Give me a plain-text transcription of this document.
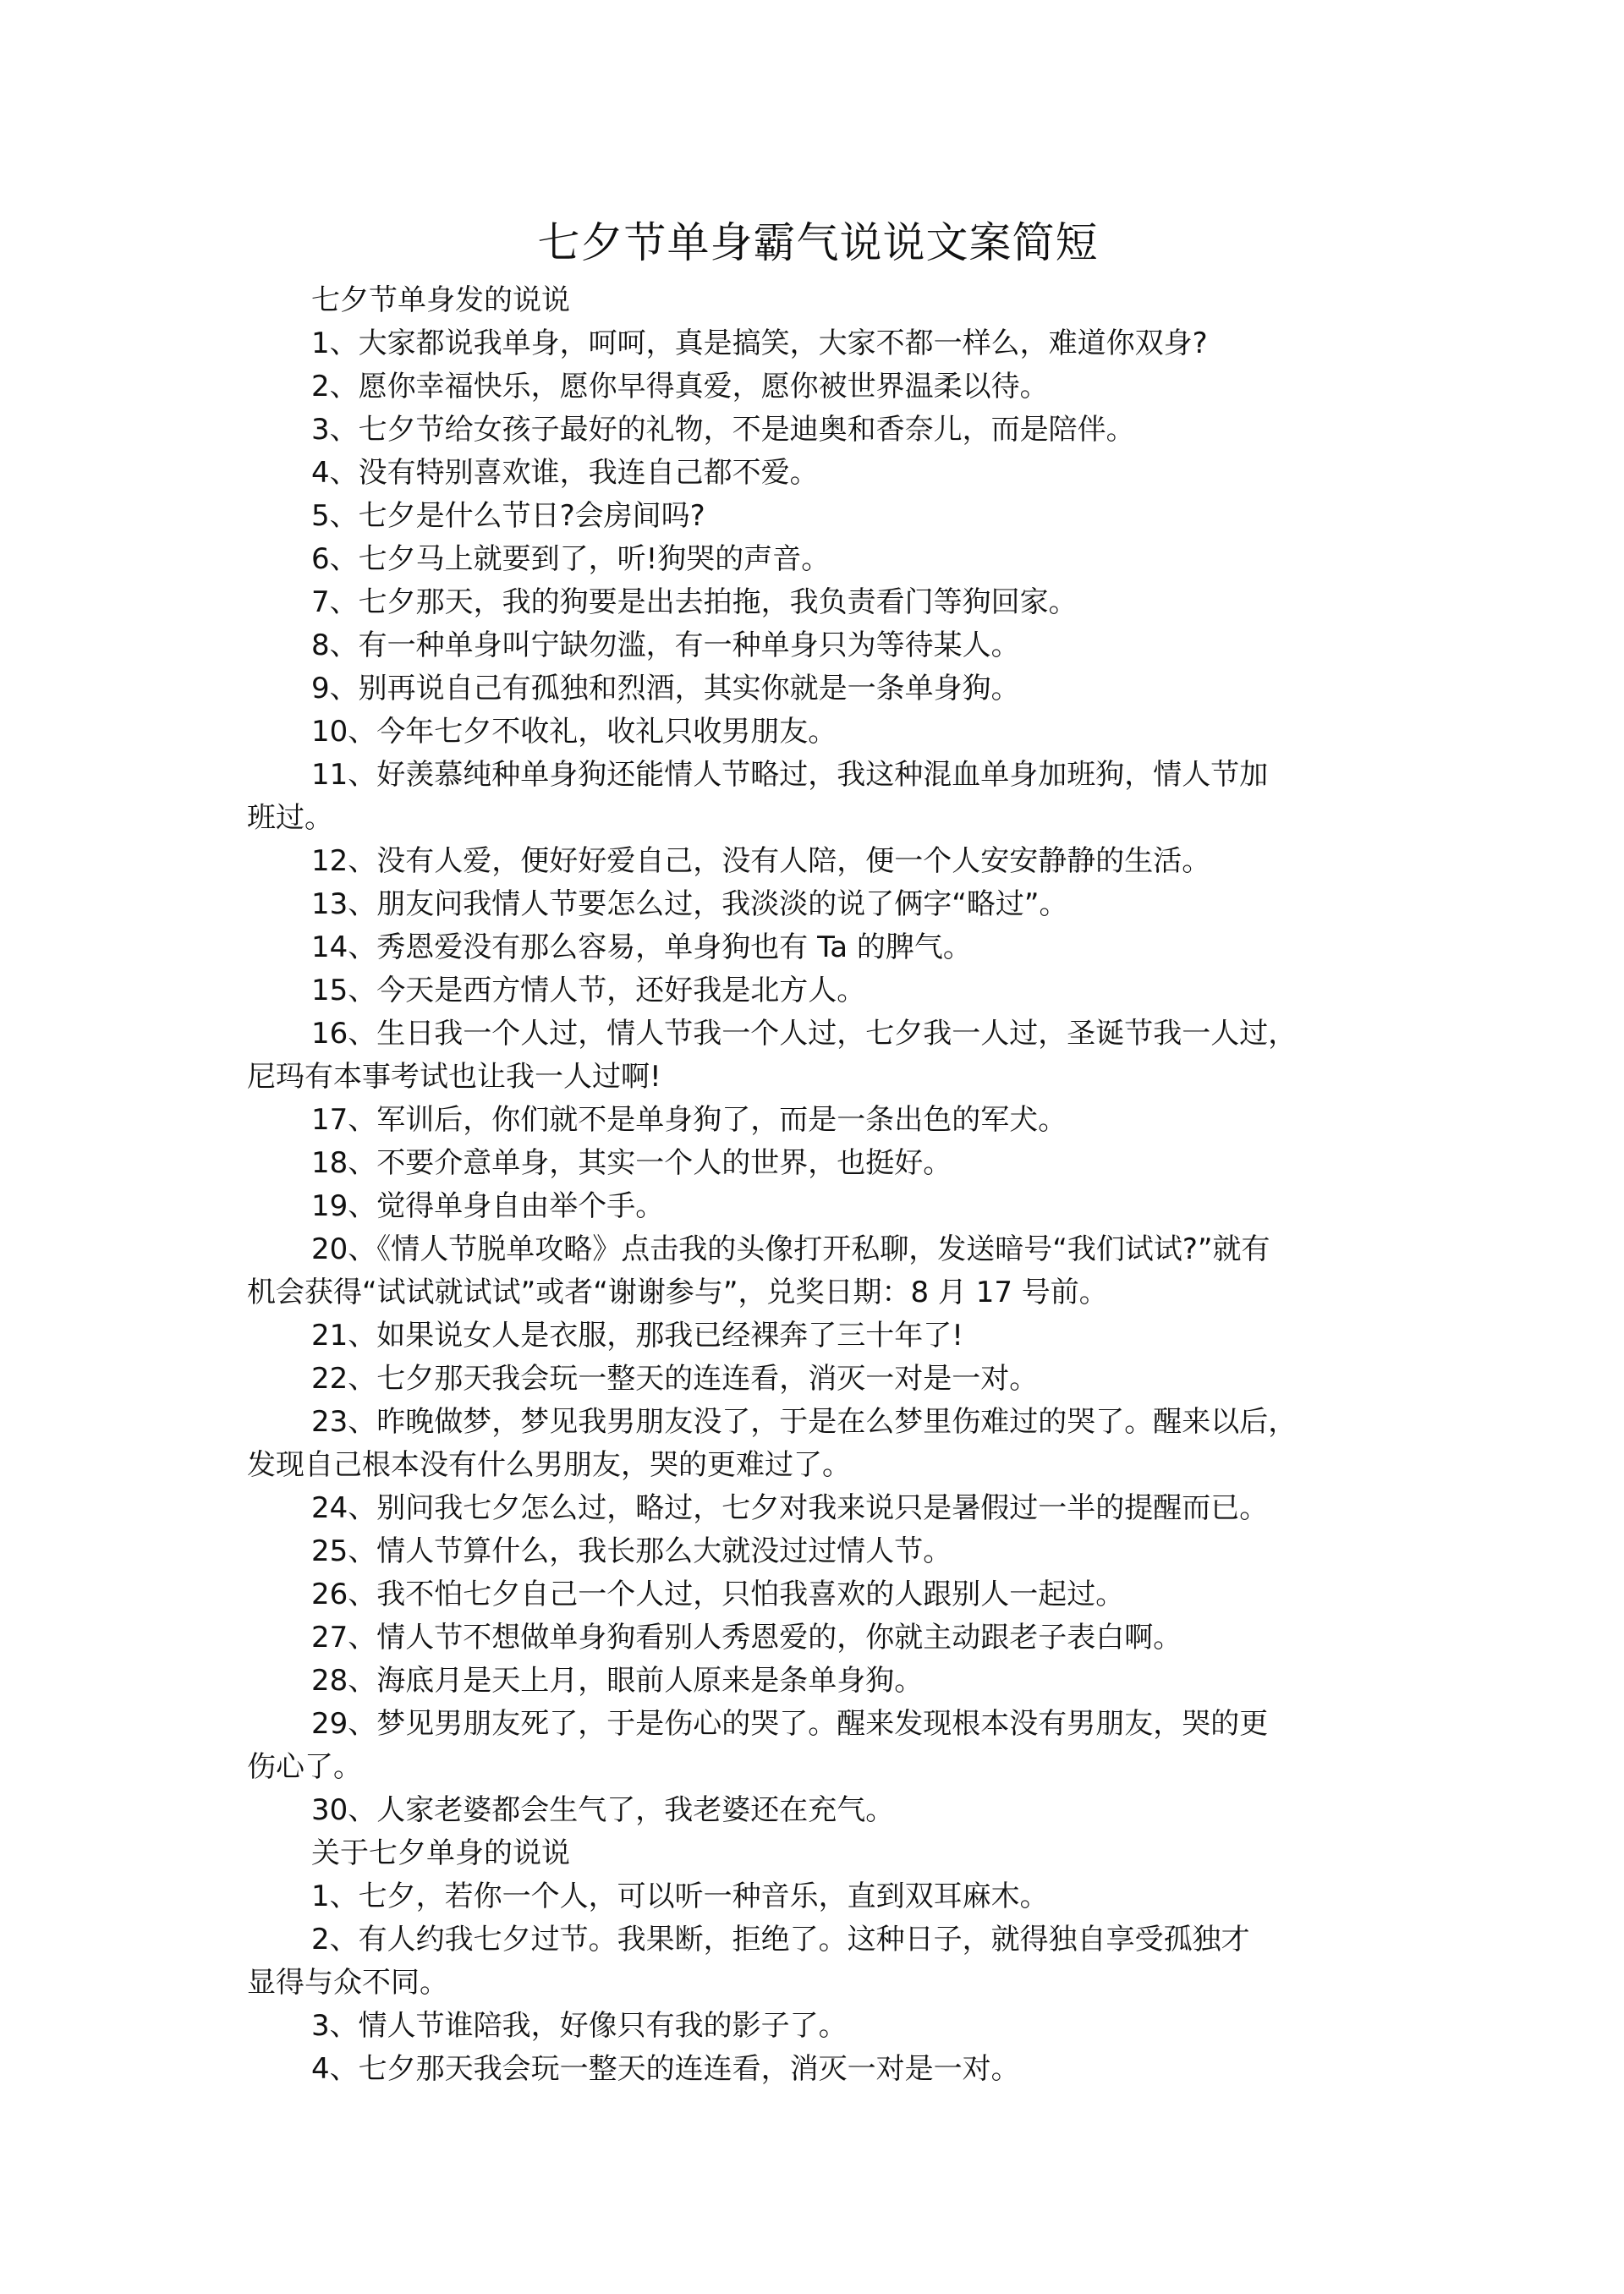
七夕节单身霸气说说文案简短

七夕节单身发的说说

1、大家都说我单身，呵呵，真是搞笑，大家不都一样么，难道你双身?

2、愿你幸福快乐，愿你早得真爱，愿你被世界温柔以待。

3、七夕节给女孩子最好的礼物，不是迪奥和香奈儿，而是陪伴。

4、没有特别喜欢谁，我连自己都不爱。

5、七夕是什么节日?会房间吗?

6、七夕马上就要到了，听!狗哭的声音。

7、七夕那天，我的狗要是出去拍拖，我负责看门等狗回家。

8、有一种单身叫宁缺勿滥，有一种单身只为等待某人。

9、别再说自己有孤独和烈酒，其实你就是一条单身狗。

10、今年七夕不收礼，收礼只收男朋友。

11、好羡慕纯种单身狗还能情人节略过，我这种混血单身加班狗，情人节加
班过。

12、没有人爱，便好好爱自己，没有人陪，便一个人安安静静的生活。

13、朋友问我情人节要怎么过，我淡淡的说了俩字“略过”。

14、秀恩爱没有那么容易，单身狗也有 Ta 的脾气。

15、今天是西方情人节，还好我是北方人。

16、生日我一个人过，情人节我一个人过，七夕我一人过，圣诞节我一人过，
尼玛有本事考试也让我一人过啊!

17、军训后，你们就不是单身狗了，而是一条出色的军犬。

18、不要介意单身，其实一个人的世界，也挺好。

19、觉得单身自由举个手。

20、《情人节脱单攻略》点击我的头像打开私聊，发送暗号“我们试试?”就有
机会获得“试试就试试”或者“谢谢参与”，兑奖日期：8 月 17 号前。

21、如果说女人是衣服，那我已经裸奔了三十年了!

22、七夕那天我会玩一整天的连连看，消灭一对是一对。

23、昨晚做梦，梦见我男朋友没了，于是在么梦里伤难过的哭了。醒来以后，
发现自己根本没有什么男朋友，哭的更难过了。

24、别问我七夕怎么过，略过，七夕对我来说只是暑假过一半的提醒而已。

25、情人节算什么，我长那么大就没过过情人节。

26、我不怕七夕自己一个人过，只怕我喜欢的人跟别人一起过。

27、情人节不想做单身狗看别人秀恩爱的，你就主动跟老子表白啊。

28、海底月是天上月，眼前人原来是条单身狗。

29、梦见男朋友死了，于是伤心的哭了。醒来发现根本没有男朋友，哭的更
伤心了。

30、人家老婆都会生气了，我老婆还在充气。

关于七夕单身的说说

1、七夕，若你一个人，可以听一种音乐，直到双耳麻木。

2、有人约我七夕过节。我果断，拒绝了。这种日子，就得独自享受孤独才
显得与众不同。

3、情人节谁陪我，好像只有我的影子了。

4、七夕那天我会玩一整天的连连看，消灭一对是一对。
